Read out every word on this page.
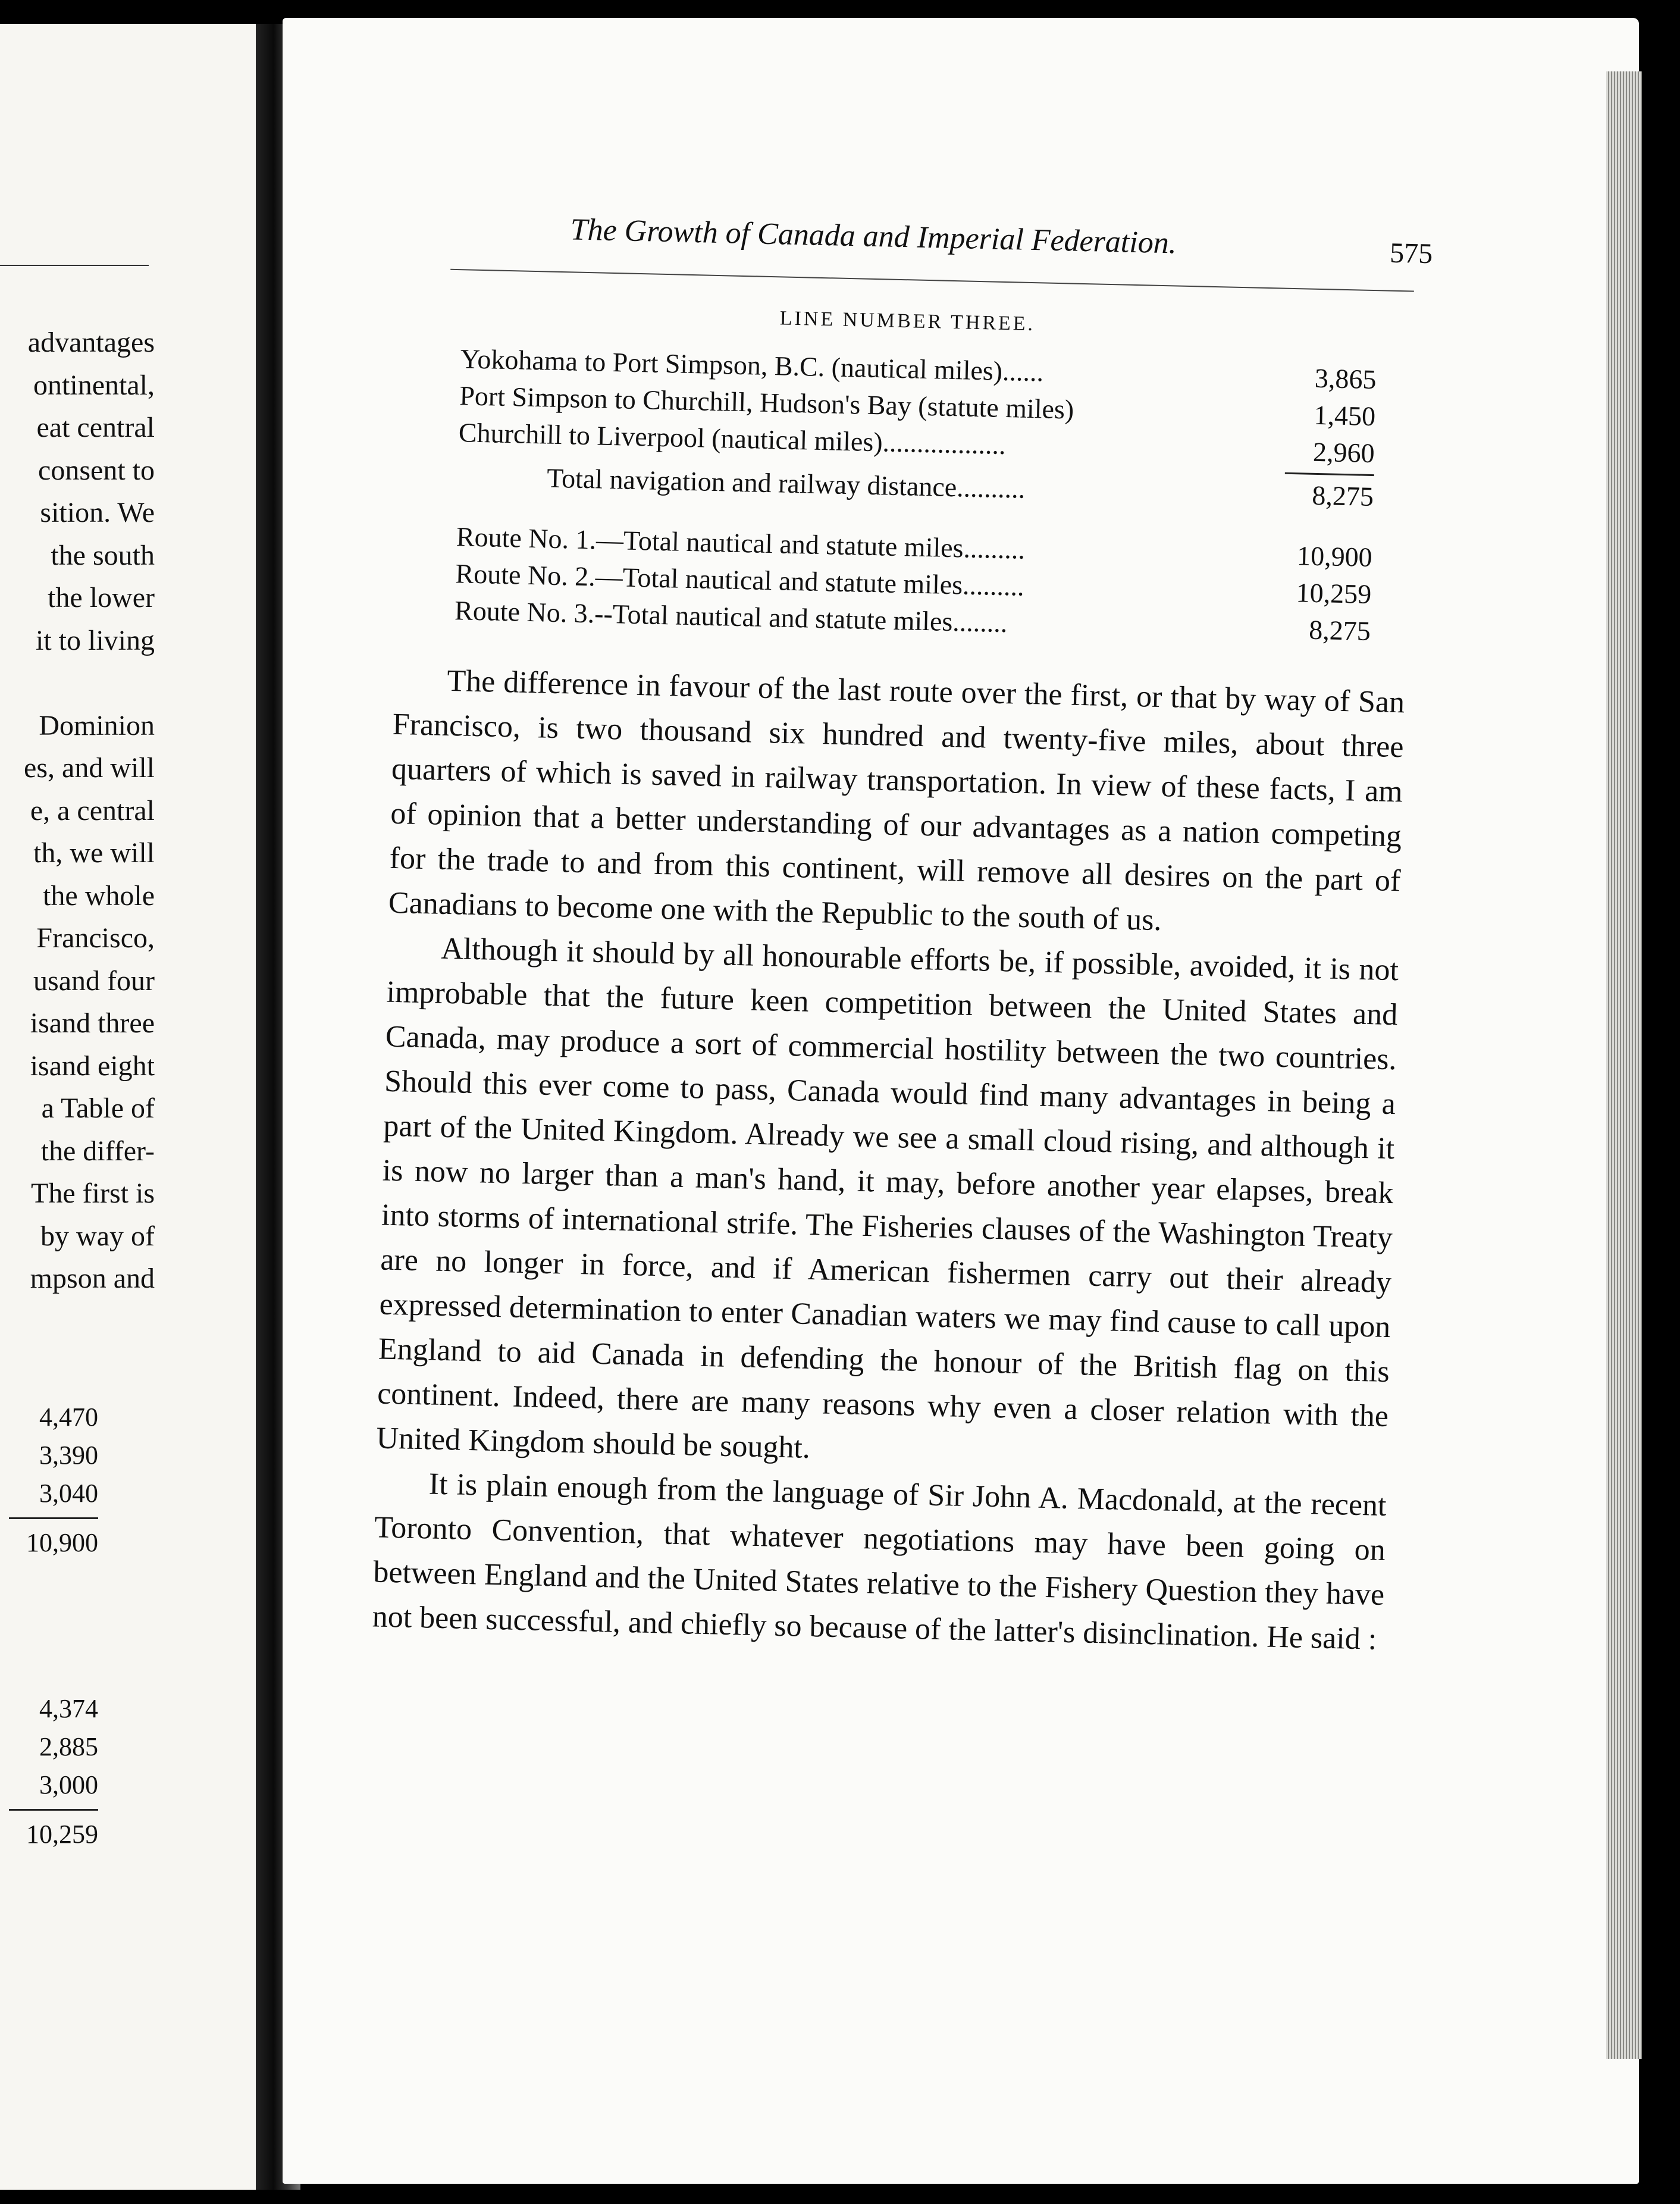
advantages
ontinental,
eat central
consent to
sition. We
the south
the lower
it to living

Dominion
es, and will
e, a central
th, we will
the whole
Francisco,
usand four
isand three
isand eight
a Table of
the differ-
The first is
by way of
mpson and
4,470
3,390
3,040
10,900
4,374
2,885
3,000
10,259
The Growth of Canada and Imperial Federation.	575
LINE NUMBER THREE.
Yokohama to Port Simpson, B.C. (nautical miles)......	3,865
Port Simpson to Churchill, Hudson's Bay (statute miles)	1,450
Churchill to Liverpool (nautical miles)..................	2,960
Total navigation and railway distance..........	8,275
Route No. 1.—Total nautical and statute miles.........	10,900
Route No. 2.—Total nautical and statute miles.........	10,259
Route No. 3.--Total nautical and statute miles........	8,275

The difference in favour of the last route over the first, or that by way of San Francisco, is two thousand six hundred and twenty-five miles, about three quarters of which is saved in railway transportation. In view of these facts, I am of opinion that a better understanding of our advantages as a nation competing for the trade to and from this continent, will remove all desires on the part of Canadians to become one with the Republic to the south of us.

Although it should by all honourable efforts be, if possible, avoided, it is not improbable that the future keen competition between the United States and Canada, may produce a sort of commercial hostility between the two countries. Should this ever come to pass, Canada would find many advantages in being a part of the United Kingdom. Already we see a small cloud rising, and although it is now no larger than a man's hand, it may, before another year elapses, break into storms of international strife. The Fisheries clauses of the Washington Treaty are no longer in force, and if American fishermen carry out their already expressed determination to enter Canadian waters we may find cause to call upon England to aid Canada in defending the honour of the British flag on this continent. Indeed, there are many reasons why even a closer relation with the United Kingdom should be sought.

It is plain enough from the language of Sir John A. Macdonald, at the recent Toronto Convention, that whatever negotiations may have been going on between England and the United States relative to the Fishery Question they have not been successful, and chiefly so because of the latter's disinclination. He said :
